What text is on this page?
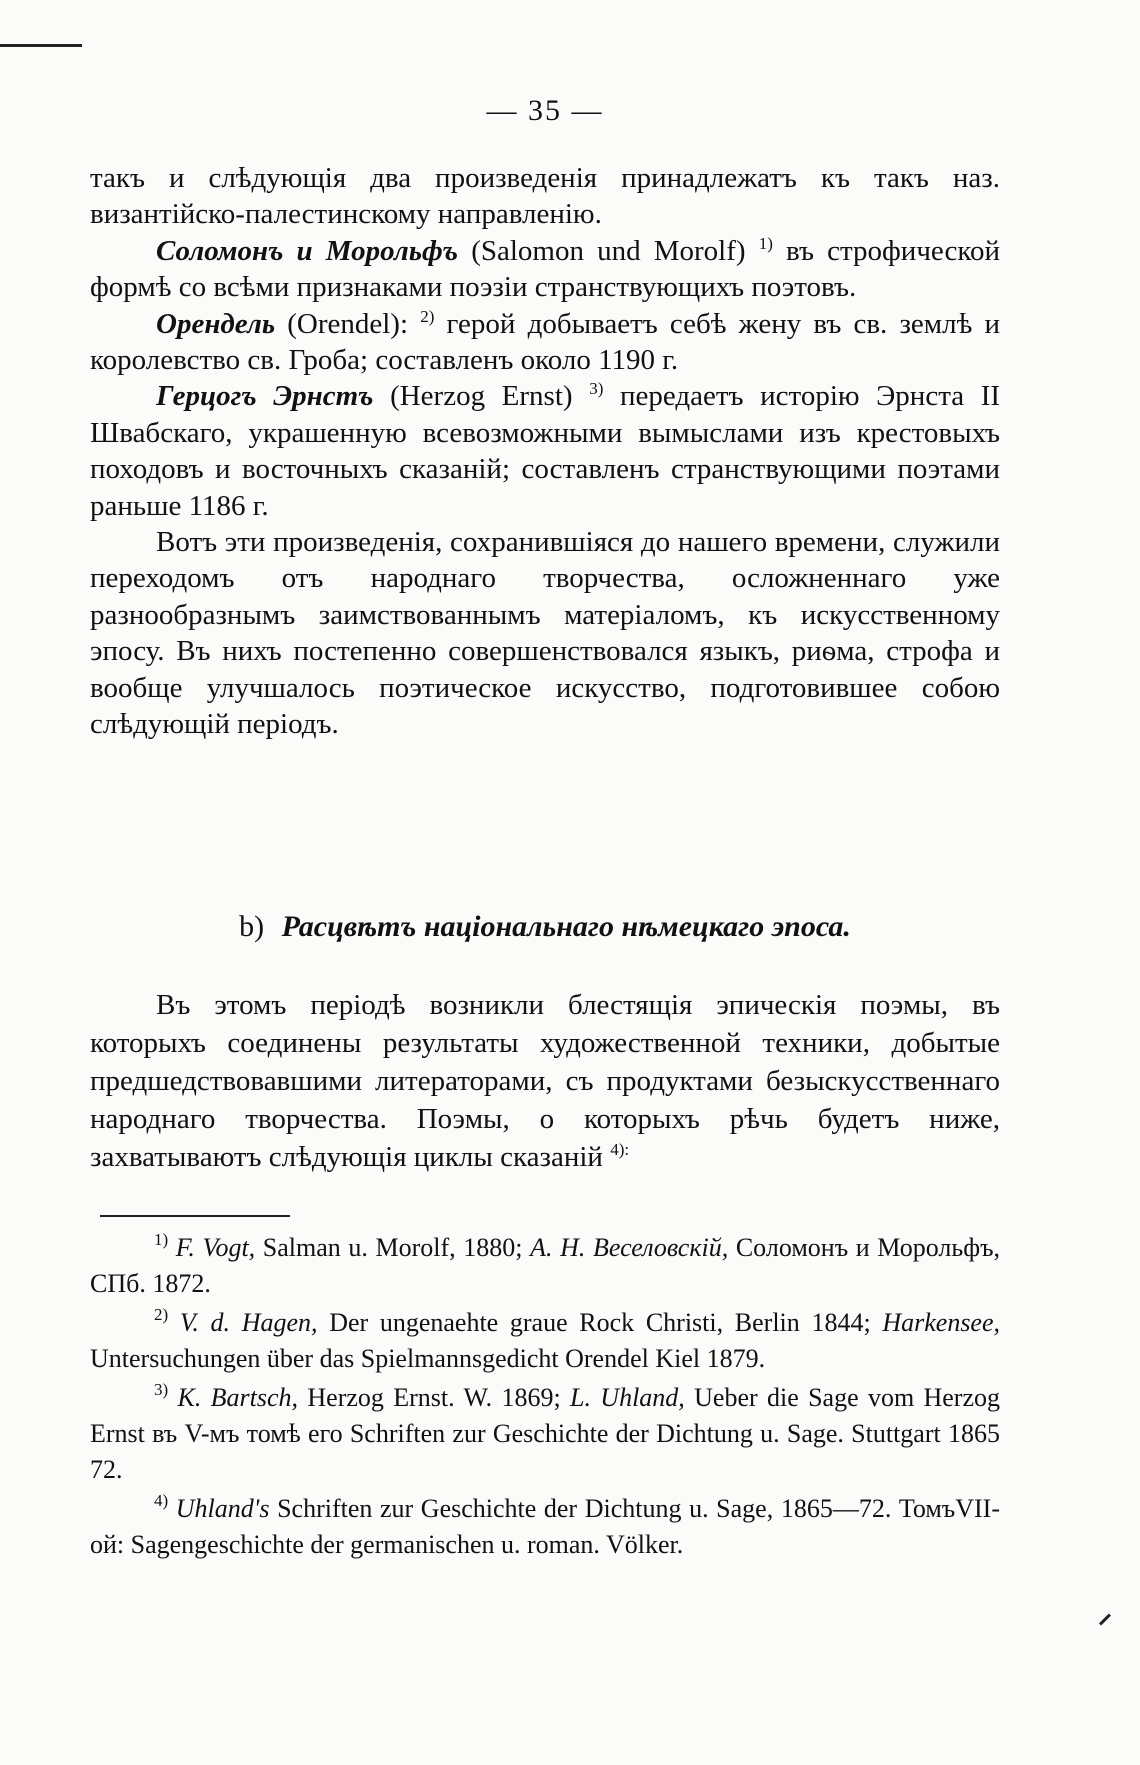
— 35 —

такъ и слѣдующія два произведенія принадлежатъ къ такъ наз. византійско-палестинскому направленію.

Соломонъ и Морольфъ (Salomon und Morolf) $^{1)}$ въ строфической формѣ со всѣми признаками поэзіи странствующихъ поэтовъ.

Орендель (Orendel): $^{2)}$ герой добываетъ себѣ жену въ св. землѣ и королевство св. Гроба; составленъ около 1190 г.

Герцогъ Эрнстъ (Herzog Ernst) $^{3)}$ передаетъ исторію Эрнста II Швабскаго, украшенную всевозможными вымыслами изъ крестовыхъ походовъ и восточныхъ сказаній; составленъ странствующими поэтами раньше 1186 г.

Вотъ эти произведенія, сохранившіяся до нашего времени, служили переходомъ отъ народнаго творчества, осложненнаго уже разнообразнымъ заимствованнымъ матеріаломъ, къ искусственному эпосу. Въ нихъ постепенно совершенствовался языкъ, риѳма, строфа и вообще улучшалось поэтическое искусство, подготовившее собою слѣдующій періодъ.

b) Расцвѣтъ національнаго нѣмецкаго эпоса.

Въ этомъ періодѣ возникли блестящія эпическія поэмы, въ которыхъ соединены результаты художественной техники, добытые предшедствовавшими литераторами, съ продуктами безыскусственнаго народнаго творчества. Поэмы, о которыхъ рѣчь будетъ ниже, захватываютъ слѣдующія циклы сказаній $^{4):}$

$^{1)}$ F. Vogt, Salman u. Morolf, 1880; A. H. Веселовскій, Соломонъ и Морольфъ, СПб. 1872.

$^{2)}$ V. d. Hagen, Der ungenaehte graue Rock Christi, Berlin 1844; Harkensee, Untersuchungen über das Spielmannsgedicht Orendel Kiel 1879.

$^{3)}$ K. Bartsch, Herzog Ernst. W. 1869; L. Uhland, Ueber die Sage vom Herzog Ernst въ V-мъ томѣ его Schriften zur Geschichte der Dichtung u. Sage. Stuttgart 1865 72.

$^{4)}$ Uhland's Schriften zur Geschichte der Dichtung u. Sage, 1865—72. ТомъVII-ой: Sagengeschichte der germanischen u. roman. Völker.
